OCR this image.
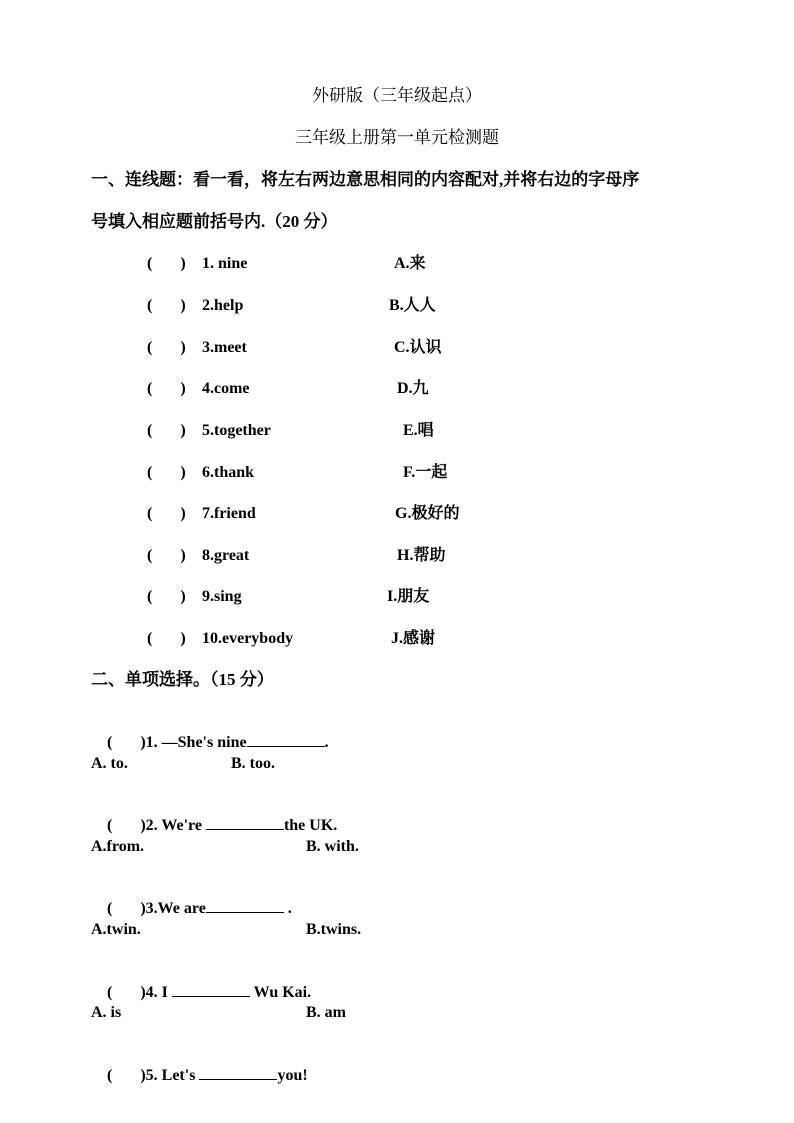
外研版（三年级起点）
三年级上册第一单元检测题
一、连线题：看一看，将左右两边意思相同的内容配对,并将右边的字母序
号填入相应题前括号内.（20 分）
(       ) 1. nine	A.来
(       ) 2.help	B.人人
(       ) 3.meet	C.认识
(       ) 4.come	D.九
(       ) 5.together	E.唱
(       ) 6.thank	F.一起
(       ) 7.friend	G.极好的
(       ) 8.great	H.帮助
(       ) 9.sing	I.朋友
(       ) 10.everybody	J.感谢
二、单项选择。（15 分）

(       )1. —She's nine	.

A. to.	B. too.

(       )2. We're	the UK.

A.from.	B. with.

(       )3.We are	.

A.twin.	B.twins.

(       )4. I	Wu Kai.

A. is	B. am

(       )5. Let's	you!
